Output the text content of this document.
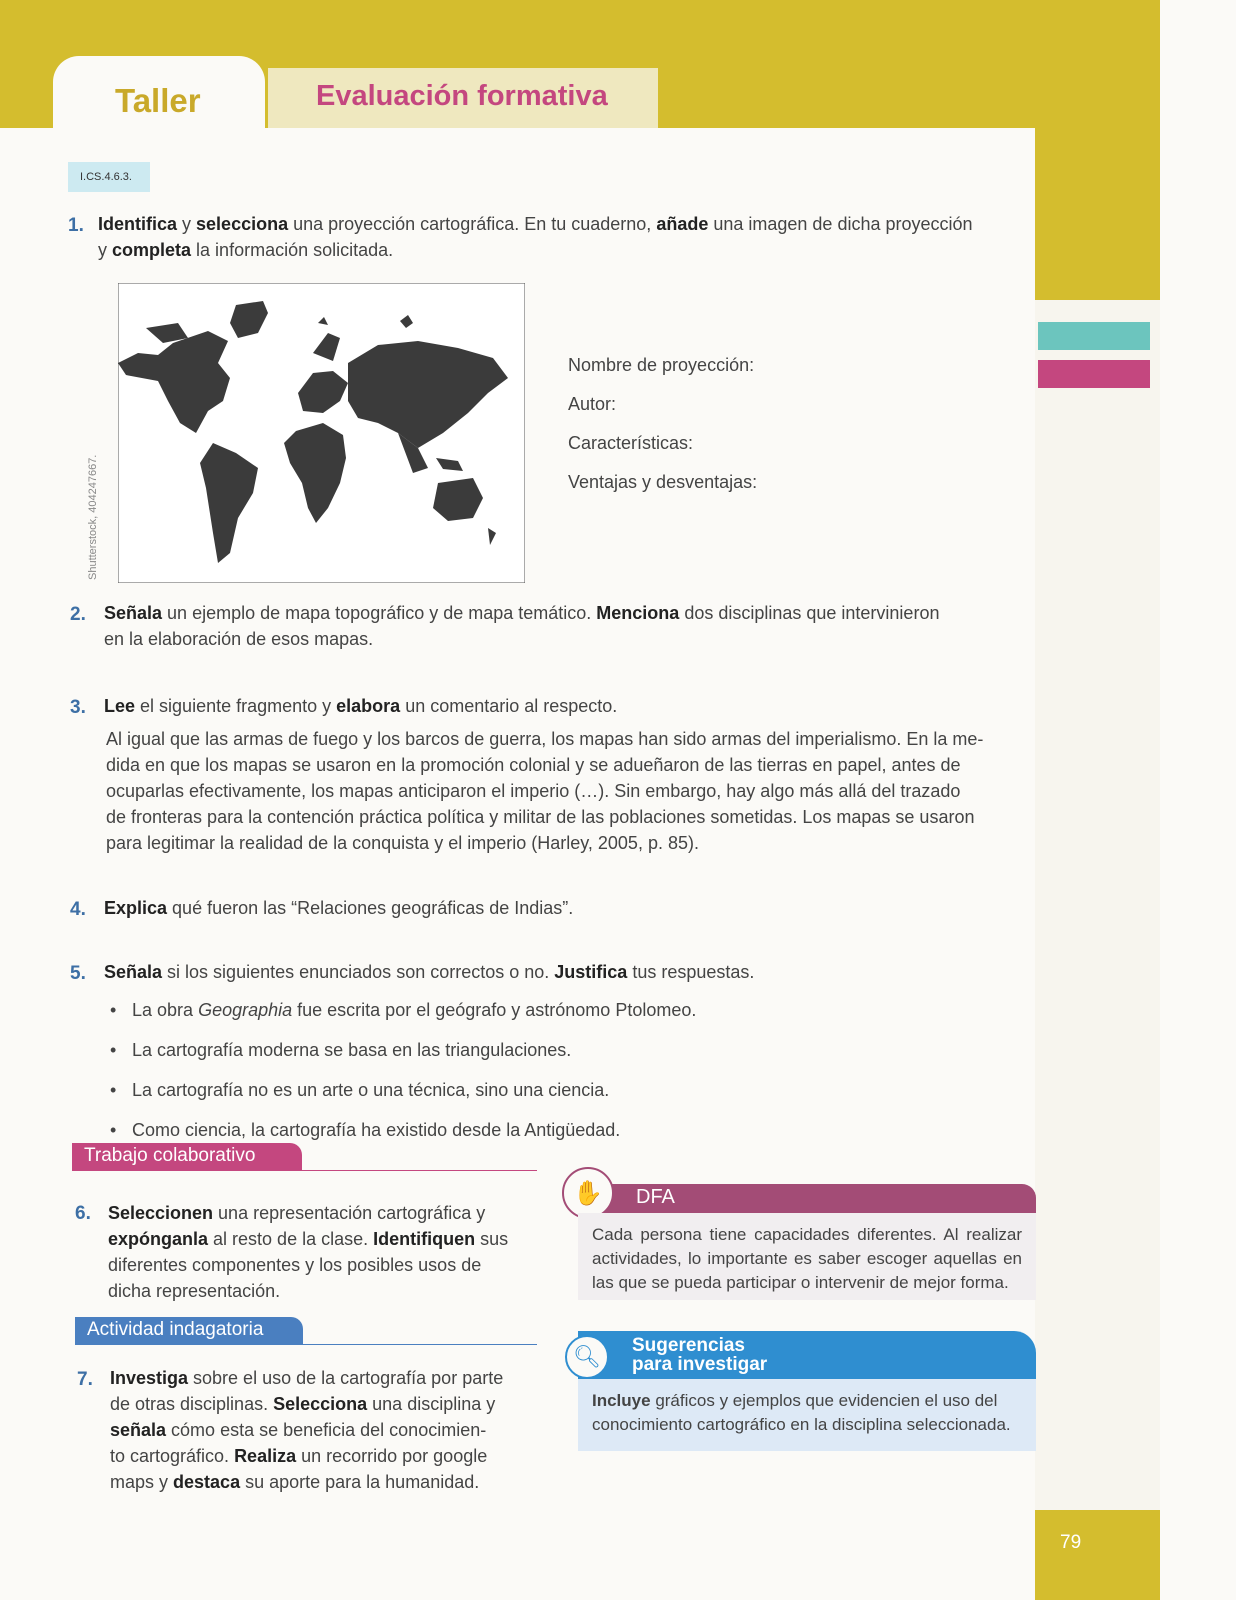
Taller	Evaluación formativa
I.CS.4.6.3.
1. Identifica y selecciona una proyección cartográfica. En tu cuaderno, añade una imagen de dicha proyección
y completa la información solicitada.
Shutterstock, 404247667.
Nombre de proyección:
Autor:
Características:
Ventajas y desventajas:
2. Señala un ejemplo de mapa topográfico y de mapa temático. Menciona dos disciplinas que intervinieron
en la elaboración de esos mapas.
3. Lee el siguiente fragmento y elabora un comentario al respecto.
Al igual que las armas de fuego y los barcos de guerra, los mapas han sido armas del imperialismo. En la me-
dida en que los mapas se usaron en la promoción colonial y se adueñaron de las tierras en papel, antes de
ocuparlas efectivamente, los mapas anticiparon el imperio (…). Sin embargo, hay algo más allá del trazado
de fronteras para la contención práctica política y militar de las poblaciones sometidas. Los mapas se usaron
para legitimar la realidad de la conquista y el imperio (Harley, 2005, p. 85).
4. Explica qué fueron las “Relaciones geográficas de Indias”.
5. Señala si los siguientes enunciados son correctos o no. Justifica tus respuestas.
• La obra Geographia fue escrita por el geógrafo y astrónomo Ptolomeo.
• La cartografía moderna se basa en las triangulaciones.
• La cartografía no es un arte o una técnica, sino una ciencia.
• Como ciencia, la cartografía ha existido desde la Antigüedad.
Trabajo colaborativo
6. Seleccionen una representación cartográfica y
expónganla al resto de la clase. Identifiquen sus
diferentes componentes y los posibles usos de
dicha representación.
Actividad indagatoria
7. Investiga sobre el uso de la cartografía por parte
de otras disciplinas. Selecciona una disciplina y
señala cómo esta se beneficia del conocimien-
to cartográfico. Realiza un recorrido por google
maps y destaca su aporte para la humanidad.
✋	DFA
Cada persona tiene capacidades diferentes. Al realizar actividades, lo importante es saber escoger aquellas en las que se pueda participar o intervenir de mejor forma.
🔍︎	Sugerencias
para investigar
Incluye gráficos y ejemplos que evidencien el uso del conocimiento cartográfico en la disciplina seleccionada.
79
